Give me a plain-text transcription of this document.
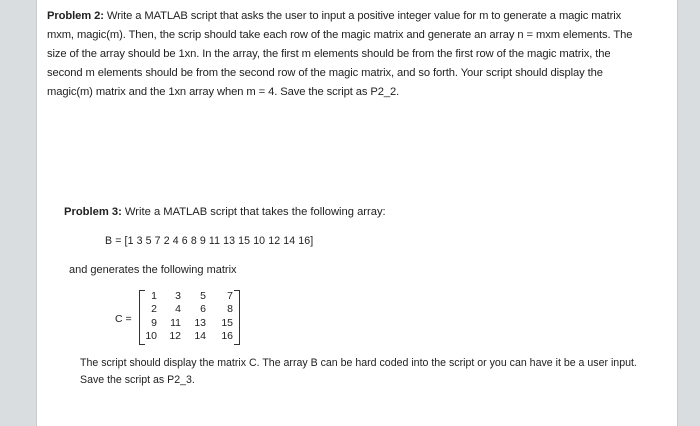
Problem 2: Write a MATLAB script that asks the user to input a positive integer value for m to generate a magic matrix
mxm, magic(m). Then, the scrip should take each row of the magic matrix and generate an array n = mxm elements. The
size of the array should be 1xn. In the array, the first m elements should be from the first row of the magic matrix, the
second m elements should be from the second row of the magic matrix, and so forth. Your script should display the
magic(m) matrix and the 1xn array when m = 4. Save the script as P2_2.
Problem 3: Write a MATLAB script that takes the following array:
B = [1 3 5 7 2 4 6 8 9 11 13 15 10 12 14 16]
and generates the following matrix
C =
1	3	5	7
2	4	6	8
9	11	13	15
10	12	14	16
The script should display the matrix C. The array B can be hard coded into the script or you can have it be a user input.
Save the script as P2_3.
